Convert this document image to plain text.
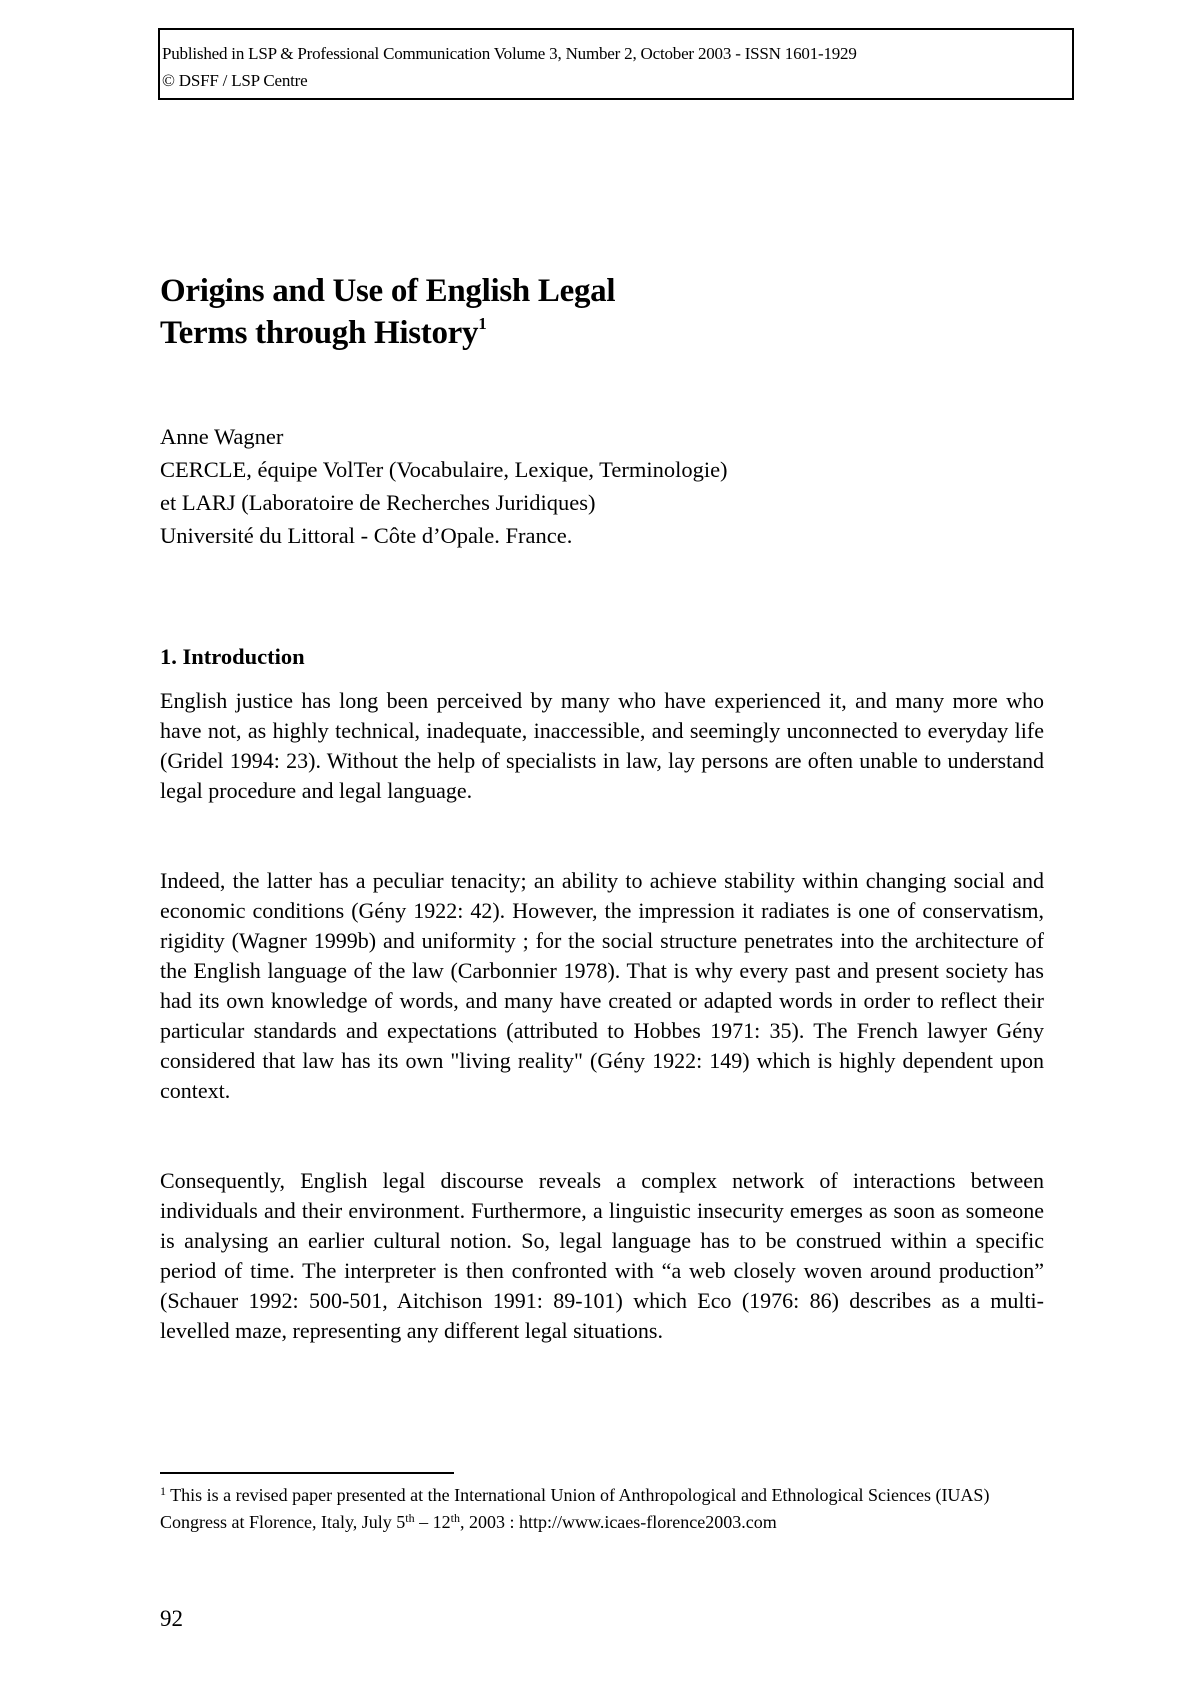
Published in LSP & Professional Communication Volume 3, Number 2, October 2003 - ISSN 1601-1929
© DSFF / LSP Centre
Origins and Use of English Legal
Terms through History$^1$
Anne Wagner
CERCLE, équipe VolTer (Vocabulaire, Lexique, Terminologie)
et LARJ (Laboratoire de Recherches Juridiques)
Université du Littoral - Côte d’Opale. France.
1. Introduction

English justice has long been perceived by many who have experienced it, and many more who have not, as highly technical, inadequate, inaccessible, and seemingly unconnected to everyday life (Gridel 1994: 23). Without the help of specialists in law, lay persons are often unable to understand legal procedure and legal language.

Indeed, the latter has a peculiar tenacity; an ability to achieve stability within changing social and economic conditions (Gény 1922: 42). However, the impression it radiates is one of conservatism, rigidity (Wagner 1999b) and uniformity ; for the social structure penetrates into the architecture of the English language of the law (Carbonnier 1978). That is why every past and present society has had its own knowledge of words, and many have created or adapted words in order to reflect their particular standards and expectations (attributed to Hobbes 1971: 35). The French lawyer Gény considered that law has its own "living reality" (Gény 1922: 149) which is highly dependent upon context.

Consequently, English legal discourse reveals a complex network of interactions between individuals and their environment. Furthermore, a linguistic insecurity emerges as soon as someone is analysing an earlier cultural notion. So, legal language has to be construed within a specific period of time. The interpreter is then confronted with “a web closely woven around production” (Schauer 1992: 500-501, Aitchison 1991: 89-101) which Eco (1976: 86) describes as a multi-levelled maze, representing any different legal situations.

$^1$ This is a revised paper presented at the International Union of Anthropological and Ethnological Sciences (IUAS) Congress at Florence, Italy, July 5th – 12th, 2003 : http://www.icaes-florence2003.com

92
